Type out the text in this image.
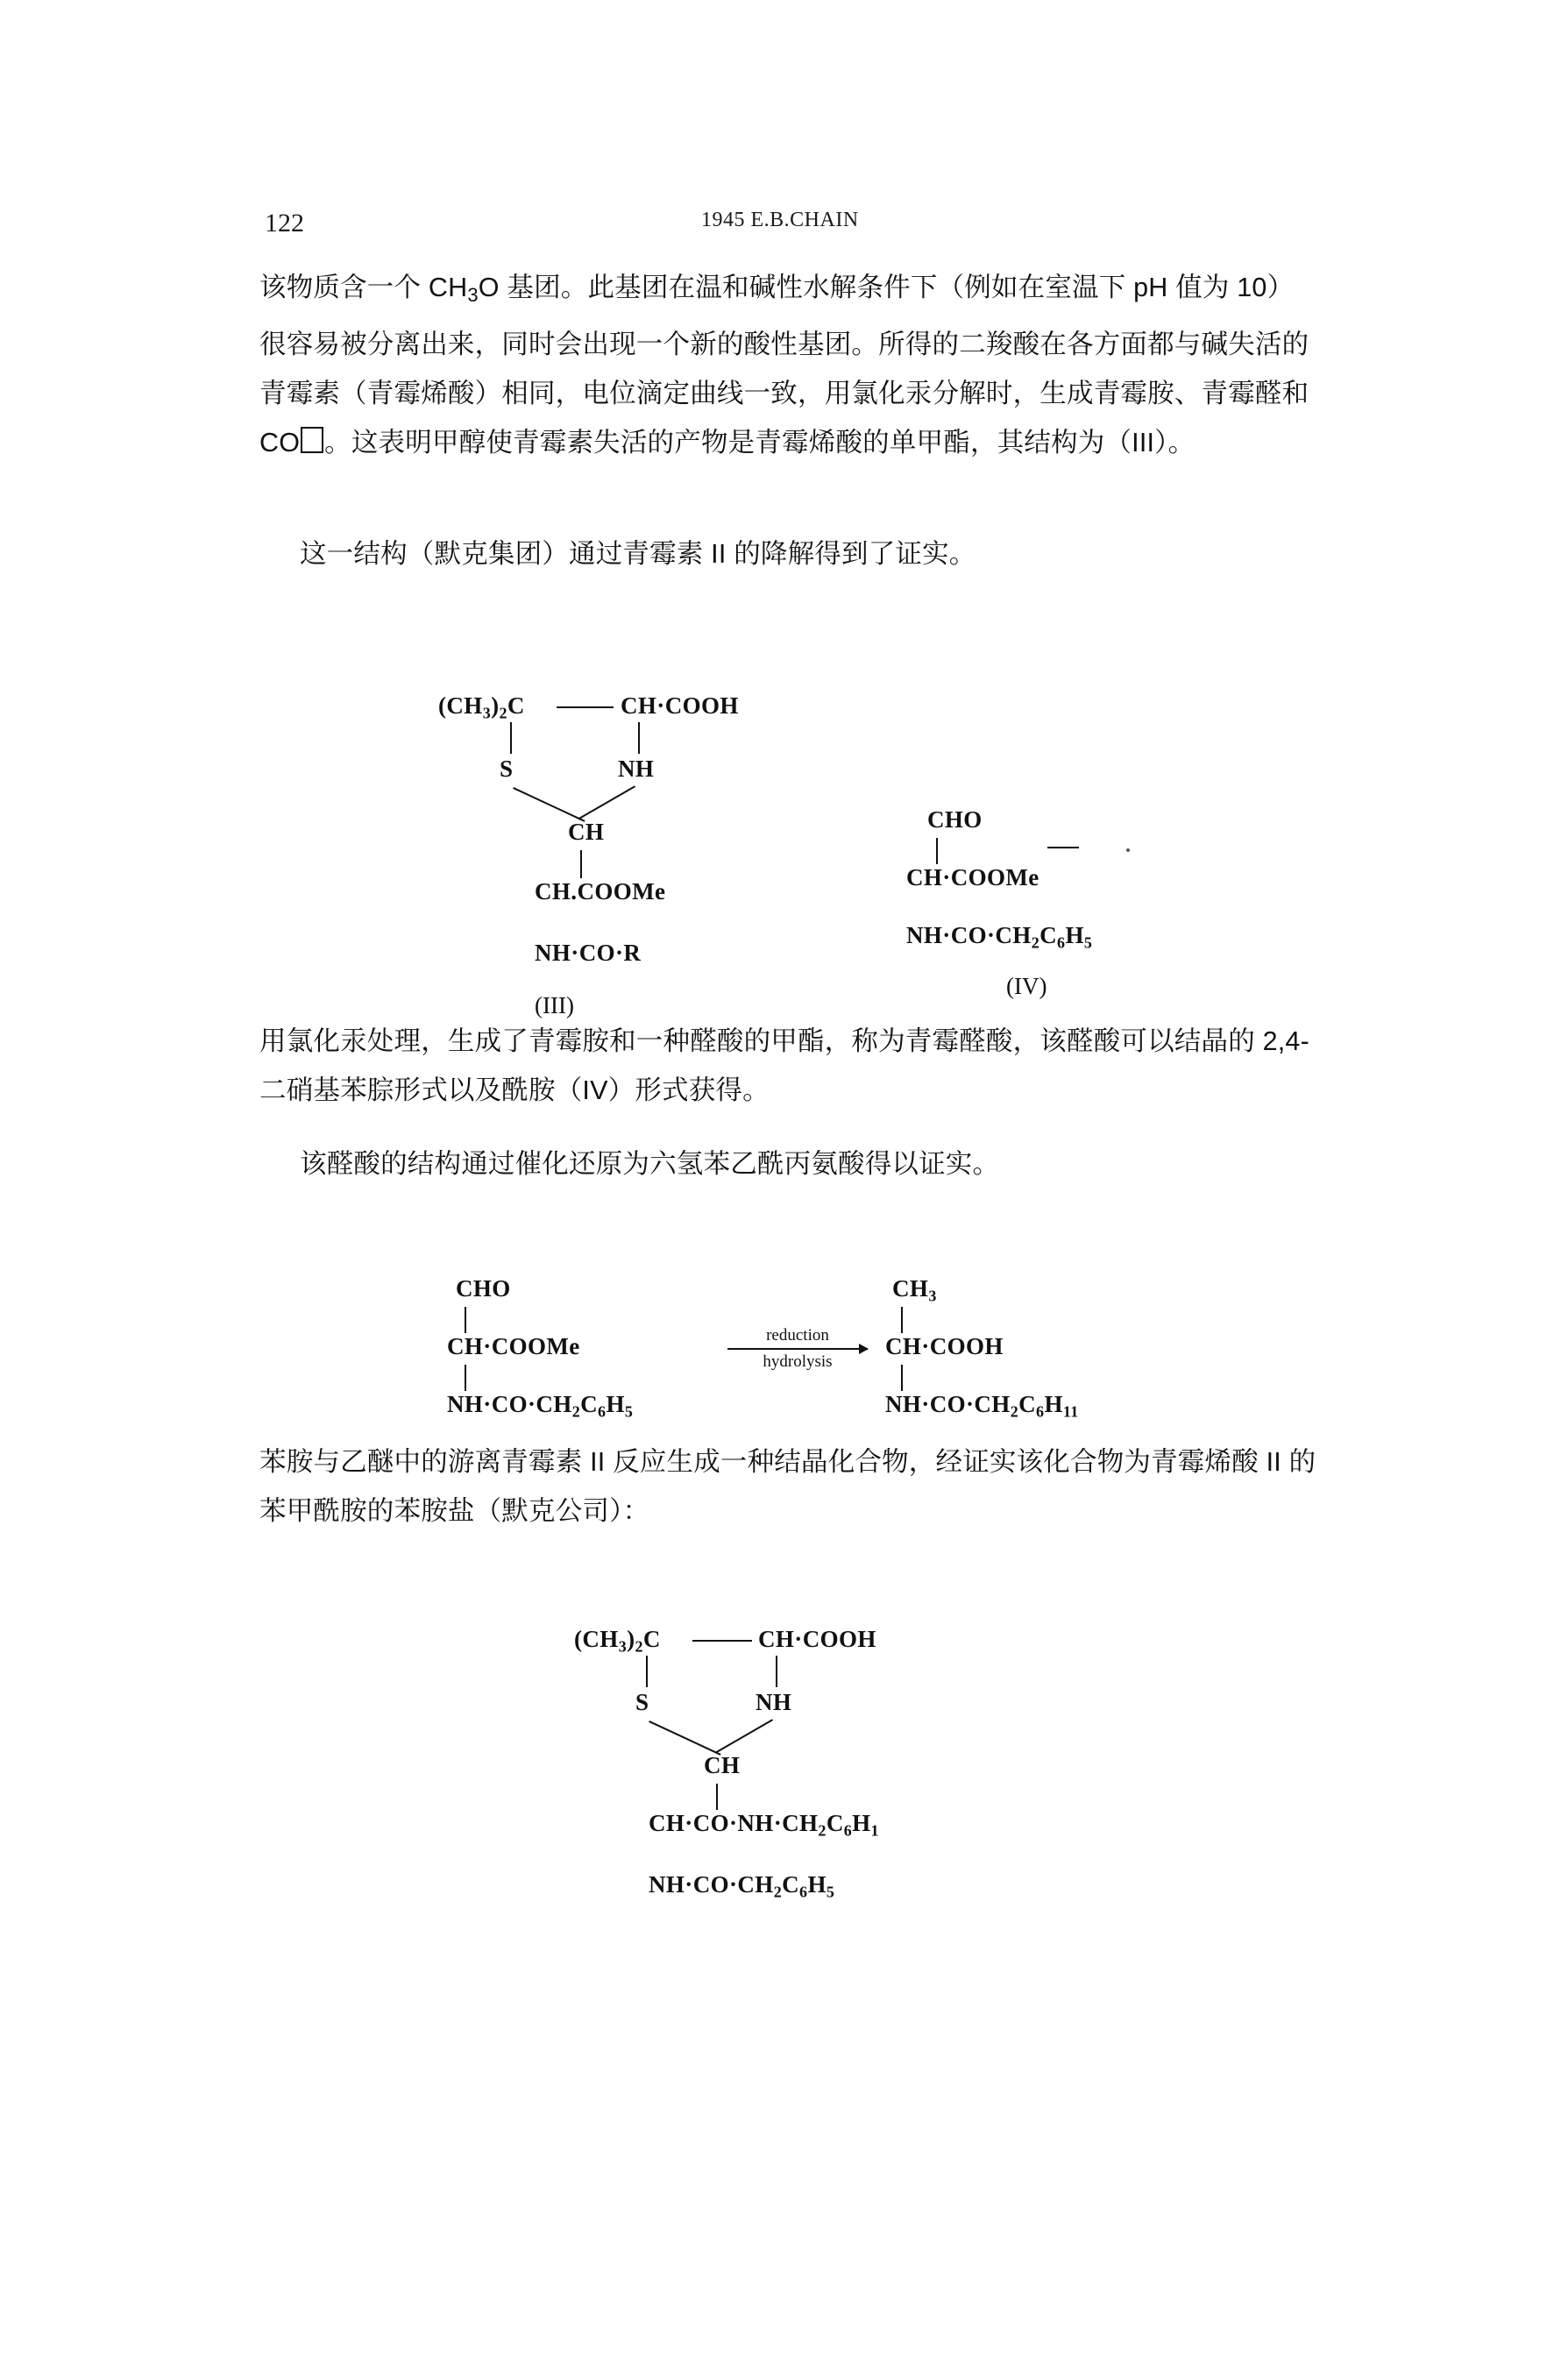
122	1945 E.B.CHAIN
该物质含一个 $CH_3O$ 基团。此基团在温和碱性水解条件下（例如在室温下 pH 值为 10）很容易被分离出来，同时会出现一个新的酸性基团。所得的二羧酸在各方面都与碱失活的青霉素（青霉烯酸）相同，电位滴定曲线一致，用氯化汞分解时，生成青霉胺、青霉醛和 CO 。这表明甲醇使青霉素失活的产物是青霉烯酸的单甲酯，其结构为（III）。
这一结构（默克集团）通过青霉素 II 的降解得到了证实。
$(CH_3)_2C$	CH·COOH
S	NH
CH
CH.COOMe
NH·CO·R
(III)
CHO
CH·COOMe
$NH\cdot CO\cdot CH_2C_6H_5$
(IV)
用氯化汞处理，生成了青霉胺和一种醛酸的甲酯，称为青霉醛酸，该醛酸可以结晶的 2,4-二硝基苯腙形式以及酰胺（IV）形式获得。
该醛酸的结构通过催化还原为六氢苯乙酰丙氨酸得以证实。
CHO
CH·COOMe
$NH\cdot CO\cdot CH_2C_6H_5$
reduction
hydrolysis
$CH_3$
CH·COOH
$NH\cdot CO\cdot CH_2C_6H_{11}$
苯胺与乙醚中的游离青霉素 II 反应生成一种结晶化合物，经证实该化合物为青霉烯酸 II 的苯甲酰胺的苯胺盐（默克公司）：
$(CH_3)_2C$	CH·COOH
S	NH
CH
$CH\cdot CO\cdot NH\cdot CH_2C_6H_1$
$NH\cdot CO\cdot CH_2C_6H_5$
